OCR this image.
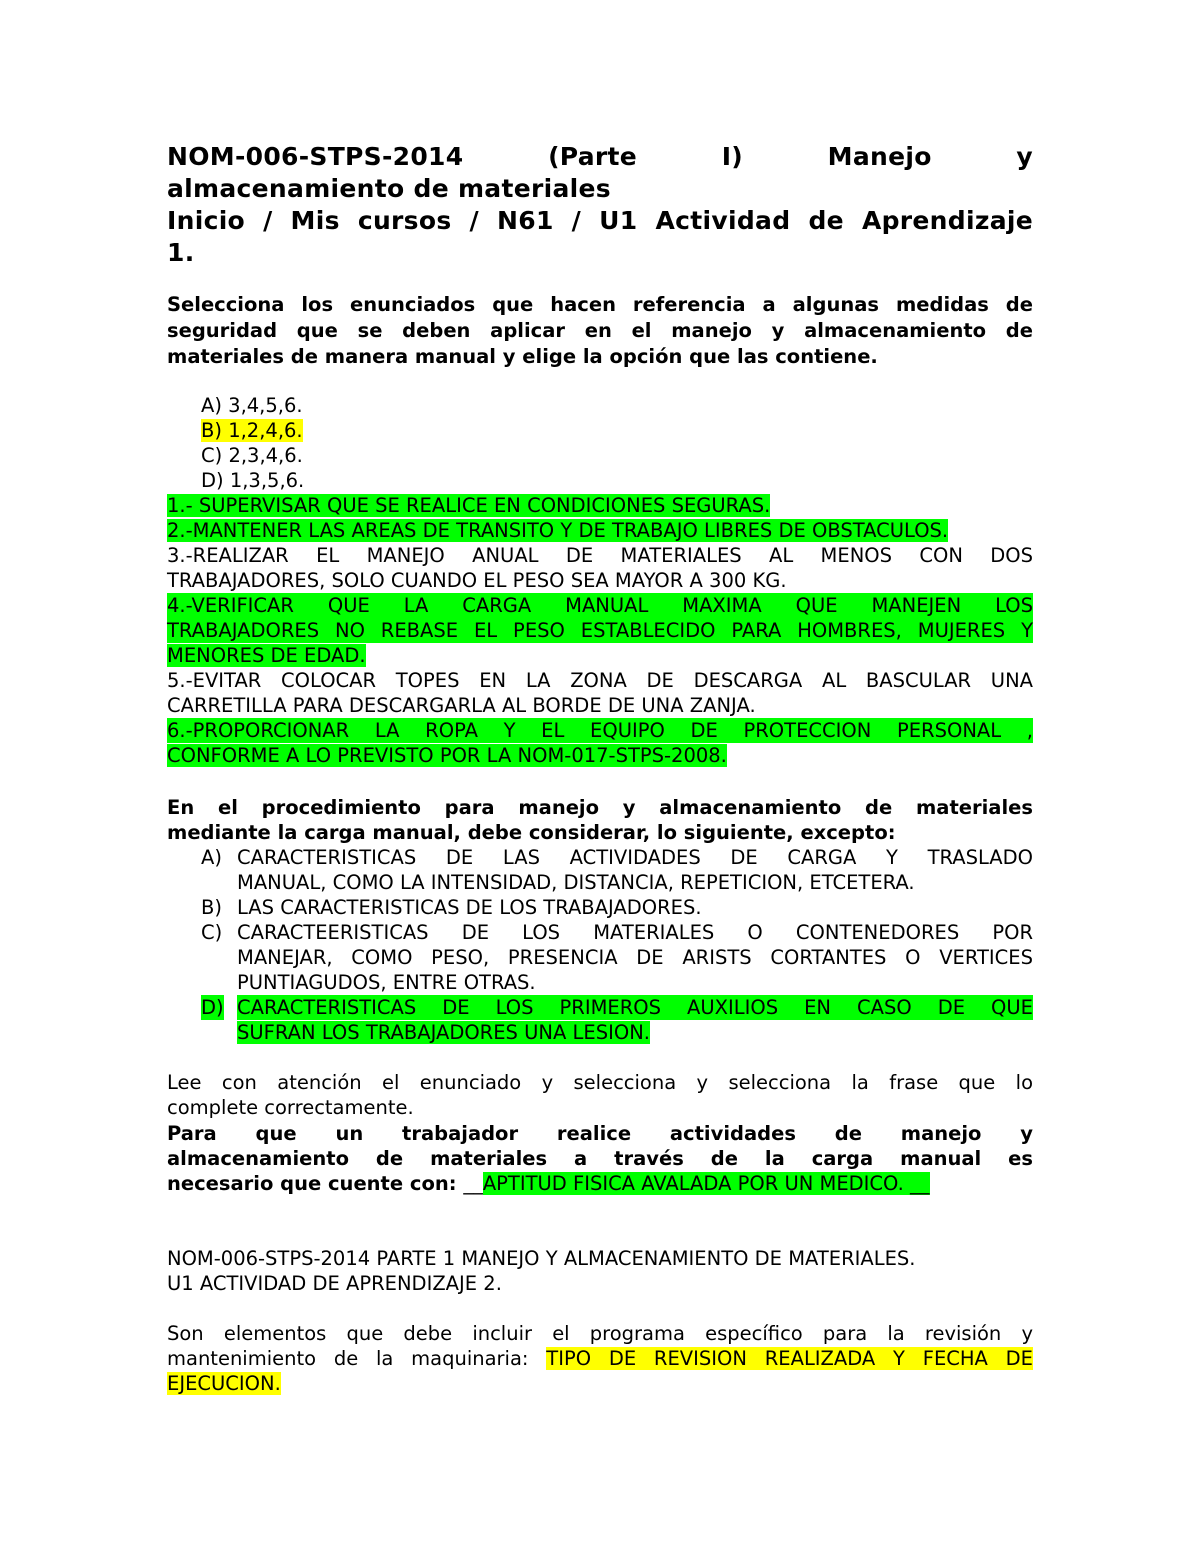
NOM-006-STPS-2014	(Parte	I)	Manejo	y
almacenamiento de materiales
Inicio / Mis cursos / N61 / U1 Actividad de Aprendizaje
1.
Selecciona los enunciados que hacen referencia a algunas medidas de
seguridad que se deben aplicar en el manejo y almacenamiento de
materiales de manera manual y elige la opción que las contiene.
A) 3,4,5,6.
B) 1,2,4,6.
C) 2,3,4,6.
D) 1,3,5,6.
1.- SUPERVISAR QUE SE REALICE EN CONDICIONES SEGURAS.
2.-MANTENER LAS AREAS DE TRANSITO Y DE TRABAJO LIBRES DE OBSTACULOS.
3.-REALIZAR EL MANEJO ANUAL DE MATERIALES AL MENOS CON DOS
TRABAJADORES, SOLO CUANDO EL PESO SEA MAYOR A 300 KG.
4.-VERIFICAR QUE LA CARGA MANUAL MAXIMA QUE MANEJEN LOS
TRABAJADORES NO REBASE EL PESO ESTABLECIDO PARA HOMBRES, MUJERES Y
MENORES DE EDAD.
5.-EVITAR COLOCAR TOPES EN LA ZONA DE DESCARGA AL BASCULAR UNA
CARRETILLA PARA DESCARGARLA AL BORDE DE UNA ZANJA.
6.-PROPORCIONAR LA ROPA Y EL EQUIPO DE PROTECCION PERSONAL ,
CONFORME A LO PREVISTO POR LA NOM-017-STPS-2008.
En el procedimiento para manejo y almacenamiento de materiales
mediante la carga manual, debe considerar, lo siguiente, excepto:
A) CARACTERISTICAS DE LAS ACTIVIDADES DE CARGA Y TRASLADO
MANUAL, COMO LA INTENSIDAD, DISTANCIA, REPETICION, ETCETERA.
B) LAS CARACTERISTICAS DE LOS TRABAJADORES.
C) CARACTEERISTICAS DE LOS MATERIALES O CONTENEDORES POR
MANEJAR, COMO PESO, PRESENCIA DE ARISTS CORTANTES O VERTICES
PUNTIAGUDOS, ENTRE OTRAS.
D) CARACTERISTICAS DE LOS PRIMEROS AUXILIOS EN CASO DE QUE
SUFRAN LOS TRABAJADORES UNA LESION.
Lee con atención el enunciado y selecciona y selecciona la frase que lo
complete correctamente.
Para que un trabajador realice actividades de manejo y
almacenamiento de materiales a través de la carga manual es
necesario que cuente con: __APTITUD FISICA AVALADA POR UN MEDICO. __
NOM-006-STPS-2014 PARTE 1 MANEJO Y ALMACENAMIENTO DE MATERIALES.
U1 ACTIVIDAD DE APRENDIZAJE 2.
Son elementos que debe incluir el programa específico para la revisión y
mantenimiento de la maquinaria: TIPO DE REVISION REALIZADA Y FECHA DE
EJECUCION.
